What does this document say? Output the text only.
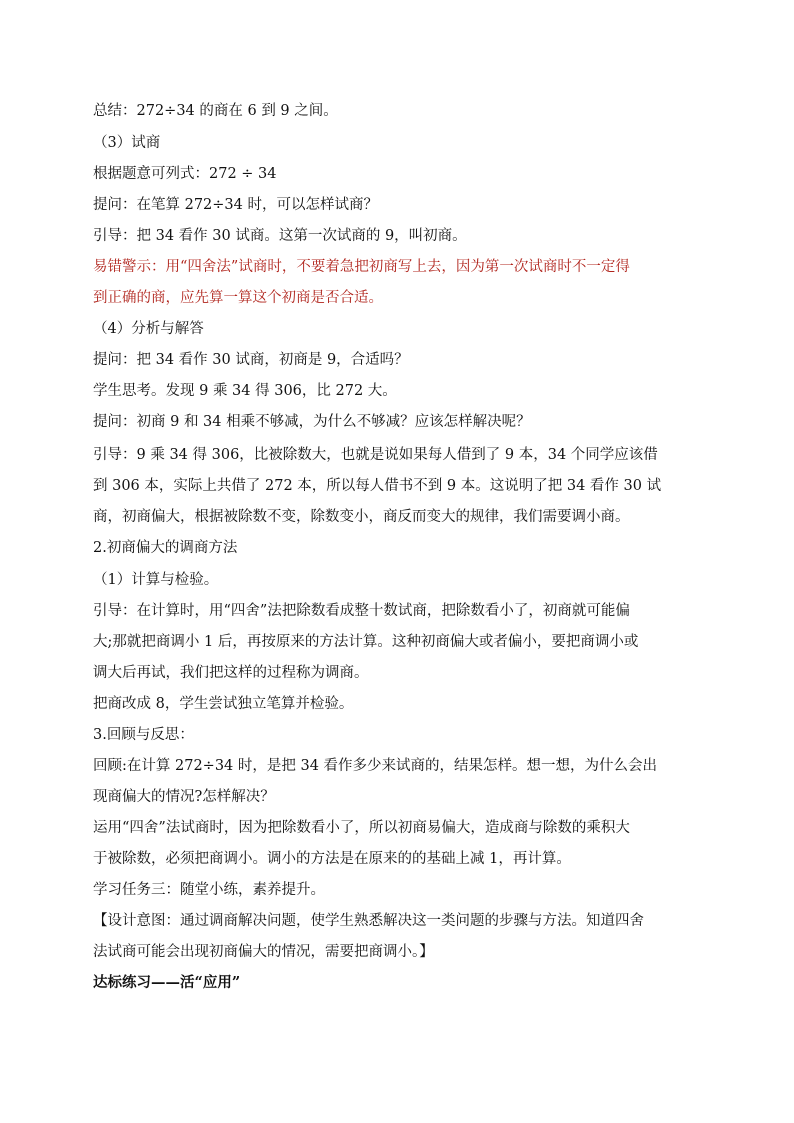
总结：272÷34 的商在 6 到 9 之间。
（3）试商
根据题意可列式：272 ÷ 34
提问：在笔算 272÷34 时，可以怎样试商？
引导：把 34 看作 30 试商。这第一次试商的 9，叫初商。
易错警示：用“四舍法”试商时，不要着急把初商写上去，因为第一次试商时不一定得
到正确的商，应先算一算这个初商是否合适。
（4）分析与解答
提问：把 34 看作 30 试商，初商是 9，合适吗？
学生思考。发现 9 乘 34 得 306，比 272 大。
提问：初商 9 和 34 相乘不够减，为什么不够减？应该怎样解决呢？
引导：9 乘 34 得 306，比被除数大，也就是说如果每人借到了 9 本，34 个同学应该借
到 306 本，实际上共借了 272 本，所以每人借书不到 9 本。这说明了把 34 看作 30 试
商，初商偏大，根据被除数不变，除数变小，商反而变大的规律，我们需要调小商。
2.初商偏大的调商方法
（1）计算与检验。
引导：在计算时，用“四舍”法把除数看成整十数试商，把除数看小了，初商就可能偏
大;那就把商调小 1 后，再按原来的方法计算。这种初商偏大或者偏小，要把商调小或
调大后再试，我们把这样的过程称为调商。
把商改成 8，学生尝试独立笔算并检验。
3.回顾与反思：
回顾:在计算 272÷34 时，是把 34 看作多少来试商的，结果怎样。想一想，为什么会出
现商偏大的情况?怎样解决？
运用“四舍”法试商时，因为把除数看小了，所以初商易偏大，造成商与除数的乘积大
于被除数，必须把商调小。调小的方法是在原来的的基础上减 1，再计算。
学习任务三：随堂小练，素养提升。
【设计意图：通过调商解决问题，使学生熟悉解决这一类问题的步骤与方法。知道四舍
法试商可能会出现初商偏大的情况，需要把商调小。】
达标练习——活“应用”
